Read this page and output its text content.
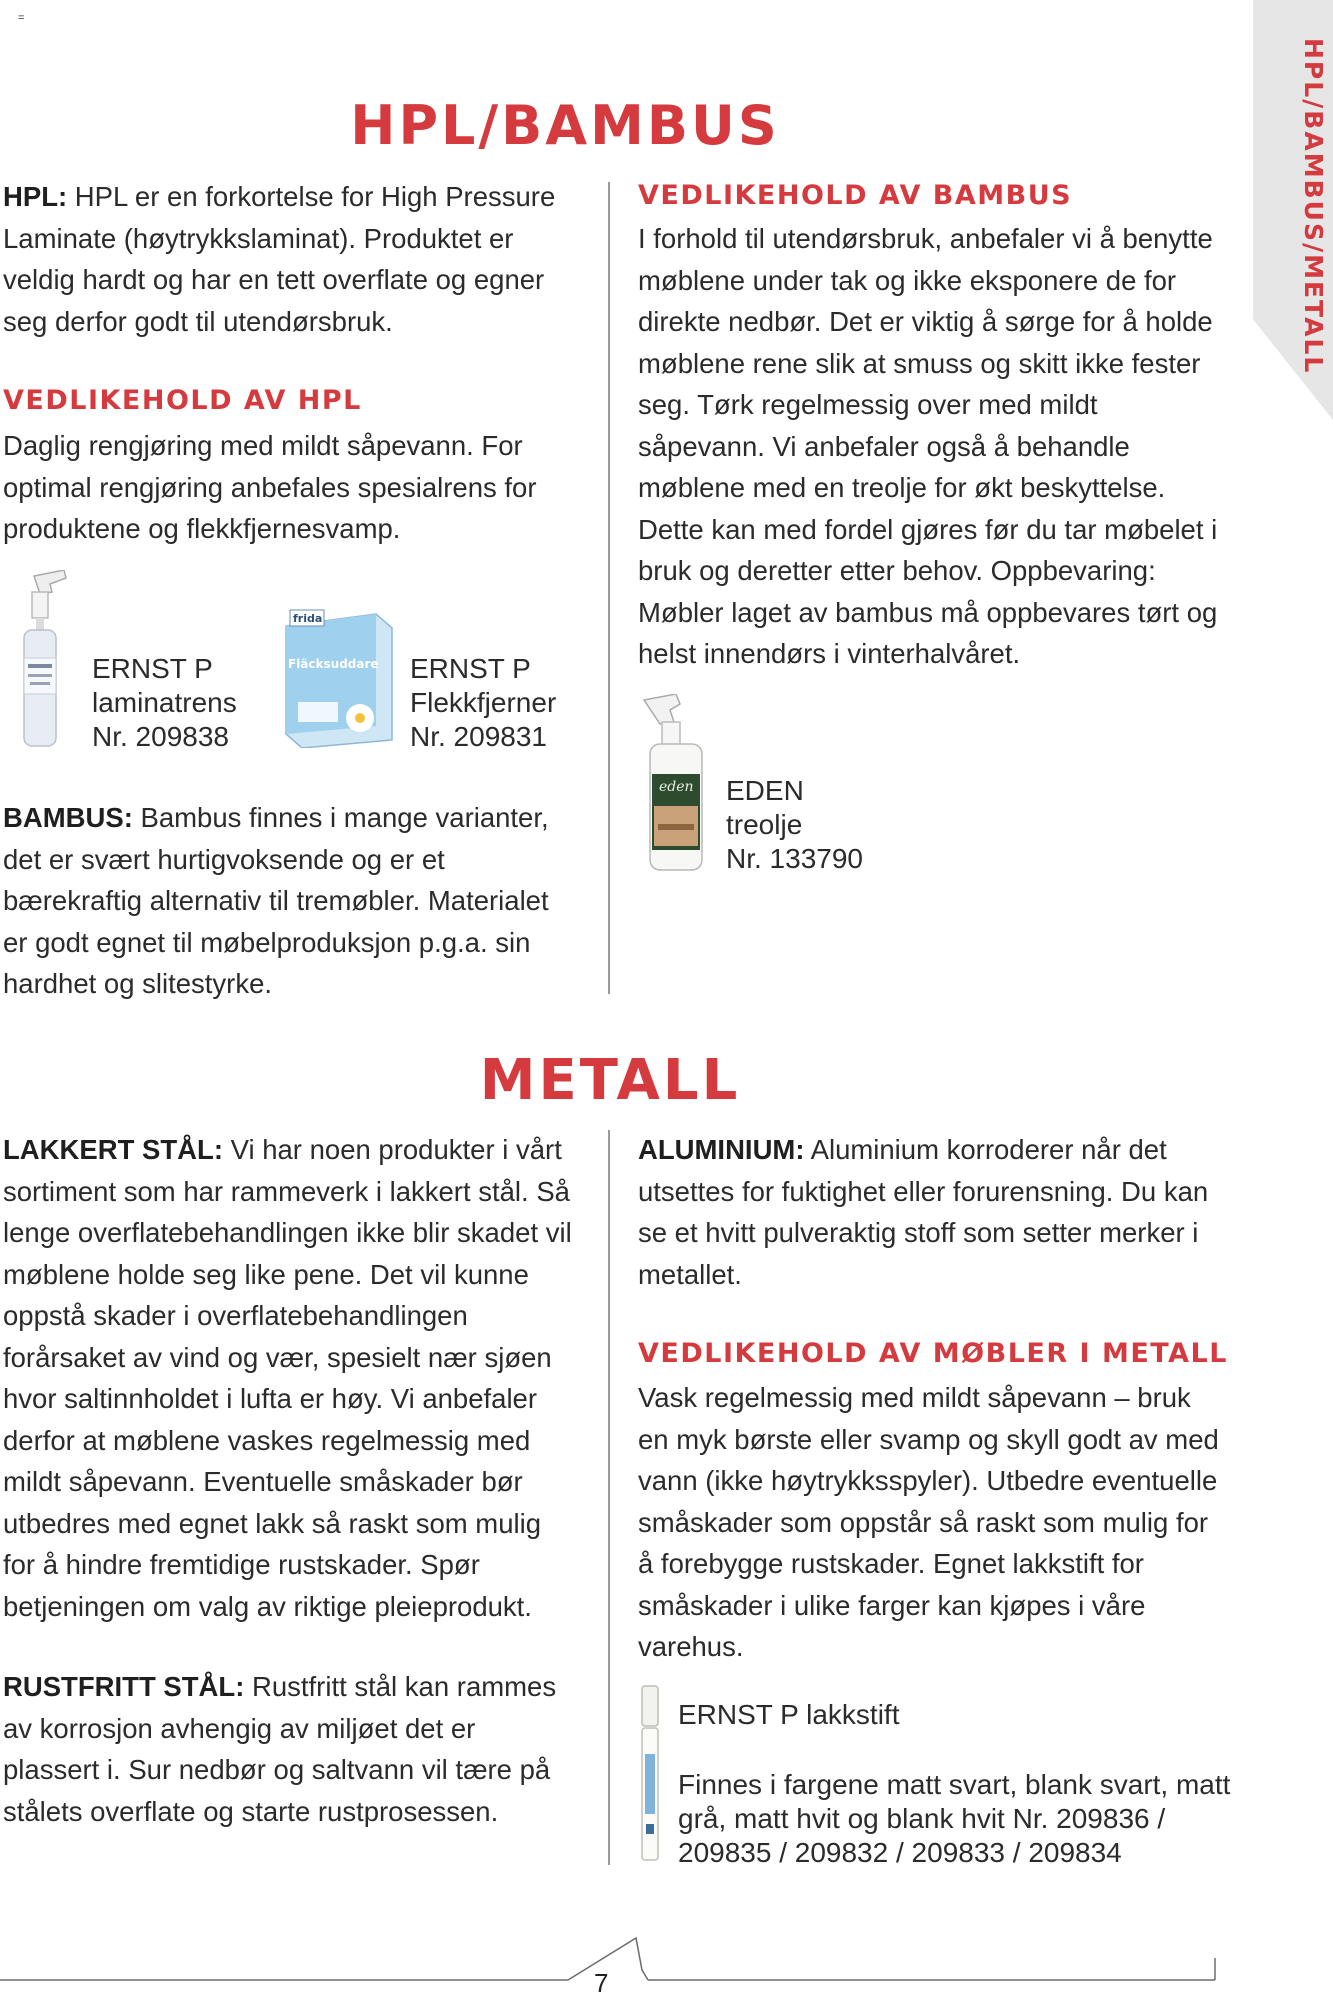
=
HPL/BAMBUS/METALL
HPL/BAMBUS

HPL: HPL er en forkortelse for High Pressure Laminate (høytrykkslaminat). Produktet er veldig hardt og har en tett overflate og egner seg derfor godt til utendørsbruk.

VEDLIKEHOLD AV HPL

Daglig rengjøring med mildt såpevann. For optimal rengjøring anbefales spesialrens for produktene og flekkfjernesvamp.

ERNST P
laminatrens
Nr. 209838
frida
Fläcksuddare ERNST P
Flekkfjerner
Nr. 209831

BAMBUS: Bambus finnes i mange varianter, det er svært hurtigvoksende og er et bærekraftig alternativ til tremøbler. Materialet er godt egnet til møbelproduksjon p.g.a. sin hardhet og slitestyrke.

VEDLIKEHOLD AV BAMBUS

I forhold til utendørsbruk, anbefaler vi å benytte møblene under tak og ikke eksponere de for direkte nedbør. Det er viktig å sørge for å holde møblene rene slik at smuss og skitt ikke fester seg. Tørk regelmessig over med mildt såpevann. Vi anbefaler også å behandle møblene med en treolje for økt beskyttelse. Dette kan med fordel gjøres før du tar møbelet i bruk og deretter etter behov. Oppbevaring: Møbler laget av bambus må oppbevares tørt og helst innendørs i vinterhalvåret.

eden EDEN
treolje
Nr. 133790
METALL

LAKKERT STÅL: Vi har noen produkter i vårt sortiment som har rammeverk i lakkert stål. Så lenge overflatebehandlingen ikke blir skadet vil møblene holde seg like pene. Det vil kunne oppstå skader i overflatebehandlingen forårsaket av vind og vær, spesielt nær sjøen hvor saltinnholdet i lufta er høy. Vi anbefaler derfor at møblene vaskes regelmessig med mildt såpevann. Eventuelle småskader bør utbedres med egnet lakk så raskt som mulig for å hindre fremtidige rustskader. Spør betjeningen om valg av riktige pleieprodukt.

RUSTFRITT STÅL: Rustfritt stål kan rammes av korrosjon avhengig av miljøet det er plassert i. Sur nedbør og saltvann vil tære på stålets overflate og starte rustprosessen.

ALUMINIUM: Aluminium korroderer når det utsettes for fuktighet eller forurensning. Du kan se et hvitt pulveraktig stoff som setter merker i metallet.

VEDLIKEHOLD AV MØBLER I METALL

Vask regelmessig med mildt såpevann – bruk en myk børste eller svamp og skyll godt av med vann (ikke høytrykksspyler). Utbedre eventuelle småskader som oppstår så raskt som mulig for å forebygge rustskader. Egnet lakkstift for småskader i ulike farger kan kjøpes i våre varehus.

ERNST P lakkstift
Finnes i fargene matt svart, blank svart, matt grå, matt hvit og blank hvit Nr. 209836 / 209835 / 209832 / 209833 / 209834
7
